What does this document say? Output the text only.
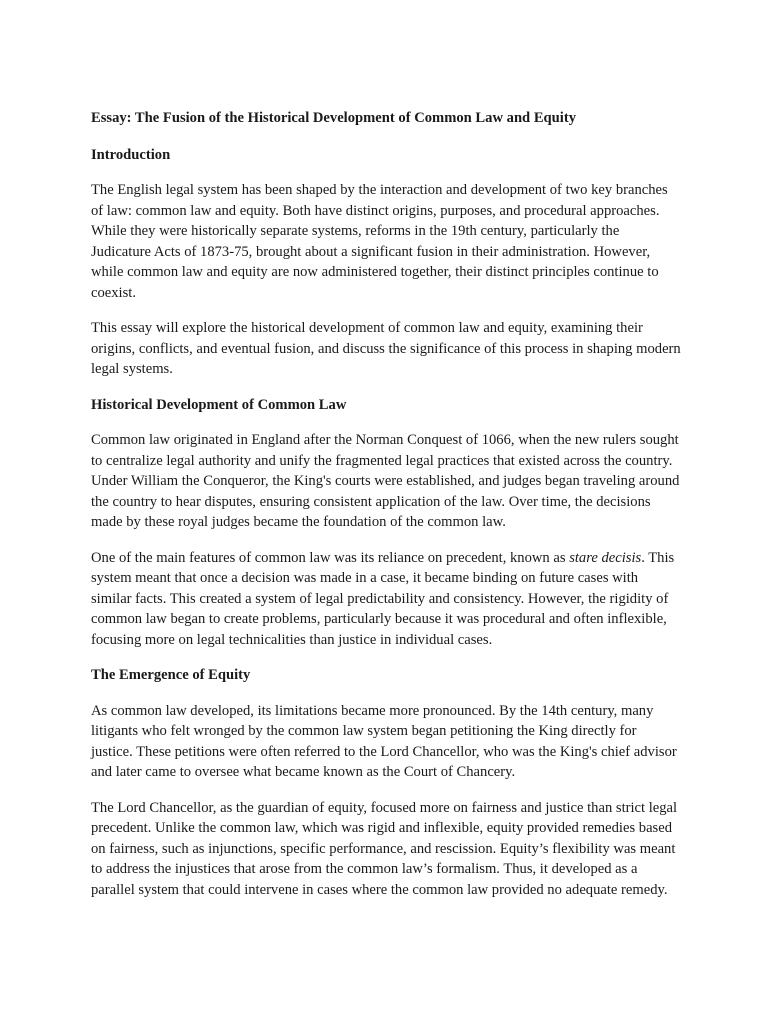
Essay: The Fusion of the Historical Development of Common Law and Equity
Introduction

The English legal system has been shaped by the interaction and development of two key branches of law: common law and equity. Both have distinct origins, purposes, and procedural approaches. While they were historically separate systems, reforms in the 19th century, particularly the Judicature Acts of 1873-75, brought about a significant fusion in their administration. However, while common law and equity are now administered together, their distinct principles continue to coexist.

This essay will explore the historical development of common law and equity, examining their origins, conflicts, and eventual fusion, and discuss the significance of this process in shaping modern legal systems.

Historical Development of Common Law

Common law originated in England after the Norman Conquest of 1066, when the new rulers sought to centralize legal authority and unify the fragmented legal practices that existed across the country. Under William the Conqueror, the King's courts were established, and judges began traveling around the country to hear disputes, ensuring consistent application of the law. Over time, the decisions made by these royal judges became the foundation of the common law.

One of the main features of common law was its reliance on precedent, known as stare decisis. This system meant that once a decision was made in a case, it became binding on future cases with similar facts. This created a system of legal predictability and consistency. However, the rigidity of common law began to create problems, particularly because it was procedural and often inflexible, focusing more on legal technicalities than justice in individual cases.

The Emergence of Equity

As common law developed, its limitations became more pronounced. By the 14th century, many litigants who felt wronged by the common law system began petitioning the King directly for justice. These petitions were often referred to the Lord Chancellor, who was the King's chief advisor and later came to oversee what became known as the Court of Chancery.

The Lord Chancellor, as the guardian of equity, focused more on fairness and justice than strict legal precedent. Unlike the common law, which was rigid and inflexible, equity provided remedies based on fairness, such as injunctions, specific performance, and rescission. Equity’s flexibility was meant to address the injustices that arose from the common law’s formalism. Thus, it developed as a parallel system that could intervene in cases where the common law provided no adequate remedy.
